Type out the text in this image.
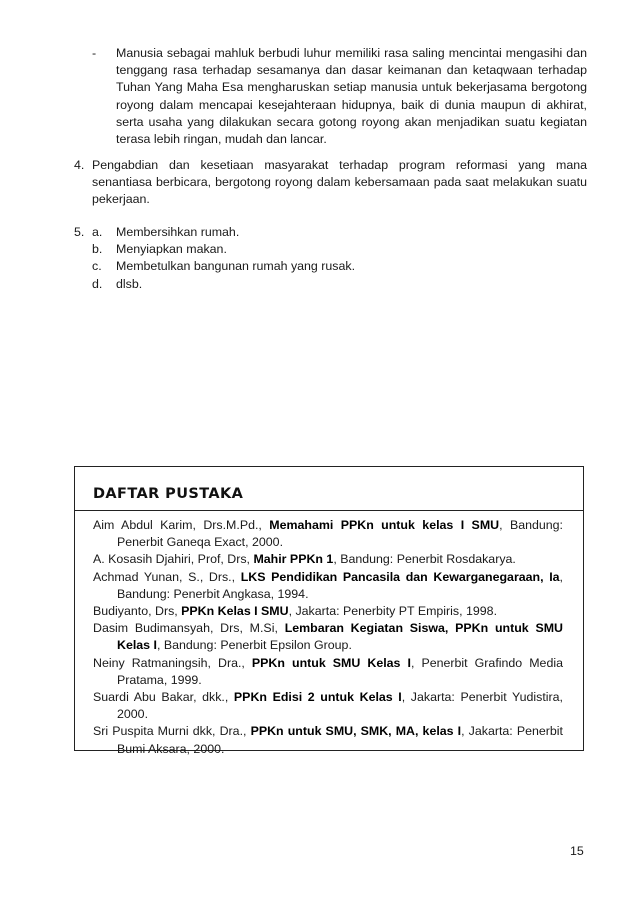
- Manusia sebagai mahluk berbudi luhur memiliki rasa saling mencintai mengasihi dan tenggang rasa terhadap sesamanya dan dasar keimanan dan ketaqwaan terhadap Tuhan Yang Maha Esa mengharuskan setiap manusia untuk bekerjasama bergotong royong dalam mencapai kesejahteraan hidupnya, baik di dunia maupun di akhirat, serta usaha yang dilakukan secara gotong royong akan menjadikan suatu kegiatan terasa lebih ringan, mudah dan lancar.

4. Pengabdian dan kesetiaan masyarakat terhadap program reformasi yang mana senantiasa berbicara, bergotong royong dalam kebersamaan pada saat melakukan suatu pekerjaan.

5. a. Membersihkan rumah.
b. Menyiapkan makan.
c. Membetulkan bangunan rumah yang rusak.
d. dlsb.
DAFTAR PUSTAKA
Aim Abdul Karim, Drs.M.Pd., Memahami PPKn untuk kelas I SMU, Bandung: Penerbit Ganeqa Exact, 2000.
A. Kosasih Djahiri, Prof, Drs, Mahir PPKn 1, Bandung: Penerbit Rosdakarya.
Achmad Yunan, S., Drs., LKS Pendidikan Pancasila dan Kewarganegaraan, Ia, Bandung: Penerbit Angkasa, 1994.
Budiyanto, Drs, PPKn Kelas I SMU, Jakarta: Penerbity PT Empiris, 1998.
Dasim Budimansyah, Drs, M.Si, Lembaran Kegiatan Siswa, PPKn untuk SMU Kelas I, Bandung: Penerbit Epsilon Group.
Neiny Ratmaningsih, Dra., PPKn untuk SMU Kelas I, Penerbit Grafindo Media Pratama, 1999.
Suardi Abu Bakar, dkk., PPKn Edisi 2 untuk Kelas I, Jakarta: Penerbit Yudistira, 2000.
Sri Puspita Murni dkk, Dra., PPKn untuk SMU, SMK, MA, kelas I, Jakarta: Penerbit Bumi Aksara, 2000.
15
